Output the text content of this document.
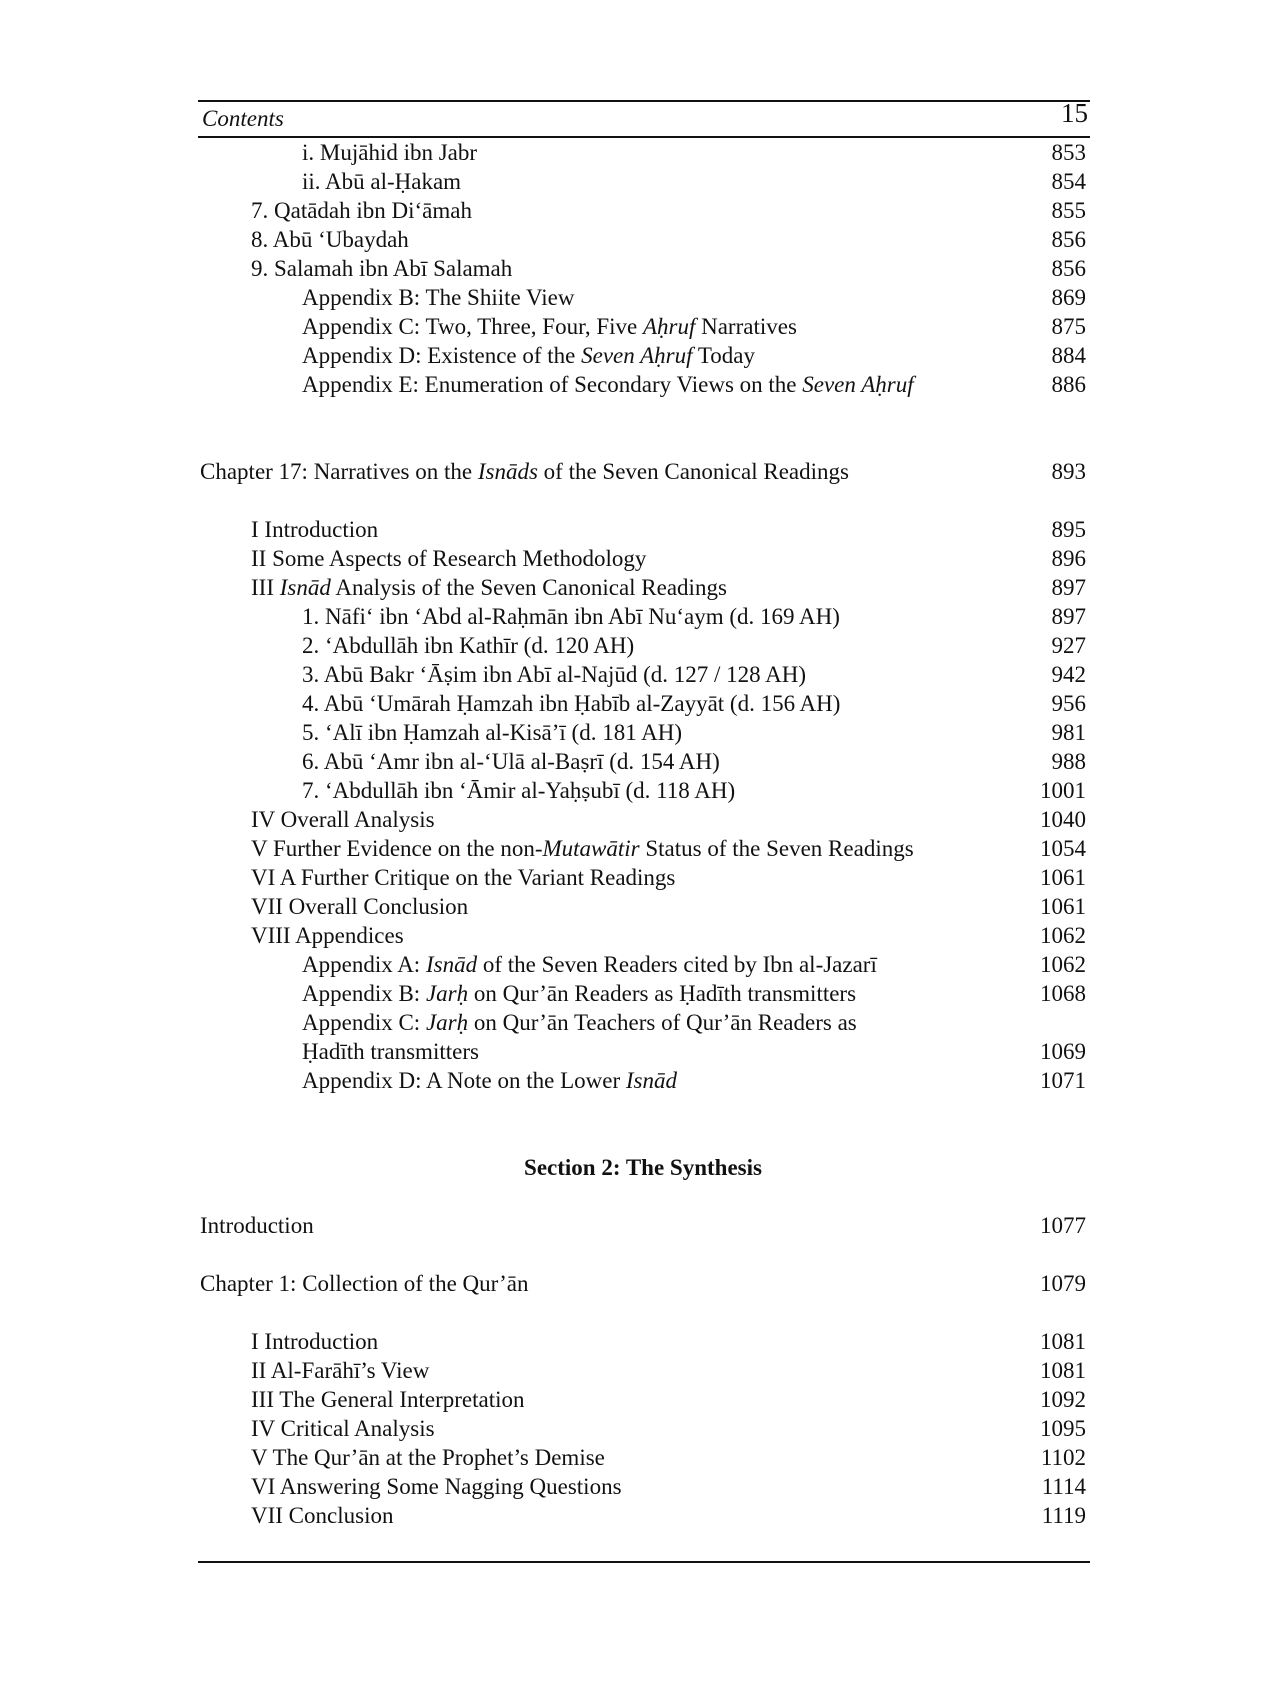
Contents	15
i. Mujāhid ibn Jabr	853
ii. Abū al-Ḥakam	854
7. Qatādah ibn Di‘āmah	855
8. Abū ‘Ubaydah	856
9. Salamah ibn Abī Salamah	856
Appendix B: The Shiite View	869
Appendix C: Two, Three, Four, Five Aḥruf Narratives	875
Appendix D: Existence of the Seven Aḥruf Today	884
Appendix E: Enumeration of Secondary Views on the Seven Aḥruf	886
Chapter 17: Narratives on the Isnāds of the Seven Canonical Readings	893
I Introduction	895
II Some Aspects of Research Methodology	896
III Isnād Analysis of the Seven Canonical Readings	897
1. Nāfi‘ ibn ‘Abd al-Raḥmān ibn Abī Nu‘aym (d. 169 AH)	897
2. ‘Abdullāh ibn Kathīr (d. 120 AH)	927
3. Abū Bakr ‘Āṣim ibn Abī al-Najūd (d. 127 / 128 AH)	942
4. Abū ‘Umārah Ḥamzah ibn Ḥabīb al-Zayyāt (d. 156 AH)	956
5. ‘Alī ibn Ḥamzah al-Kisā’ī (d. 181 AH)	981
6. Abū ‘Amr ibn al-‘Ulā al-Baṣrī (d. 154 AH)	988
7. ‘Abdullāh ibn ‘Āmir al-Yaḥṣubī (d. 118 AH)	1001
IV Overall Analysis	1040
V Further Evidence on the non-Mutawātir Status of the Seven Readings	1054
VI A Further Critique on the Variant Readings	1061
VII Overall Conclusion	1061
VIII Appendices	1062
Appendix A: Isnād of the Seven Readers cited by Ibn al-Jazarī	1062
Appendix B: Jarḥ on Qur’ān Readers as Ḥadīth transmitters	1068
Appendix C: Jarḥ on Qur’ān Teachers of Qur’ān Readers as
Ḥadīth transmitters	1069
Appendix D: A Note on the Lower Isnād	1071
Section 2: The Synthesis
Introduction	1077
Chapter 1: Collection of the Qur’ān	1079
I Introduction	1081
II Al-Farāhī’s View	1081
III The General Interpretation	1092
IV Critical Analysis	1095
V The Qur’ān at the Prophet’s Demise	1102
VI Answering Some Nagging Questions	1114
VII Conclusion	1119
